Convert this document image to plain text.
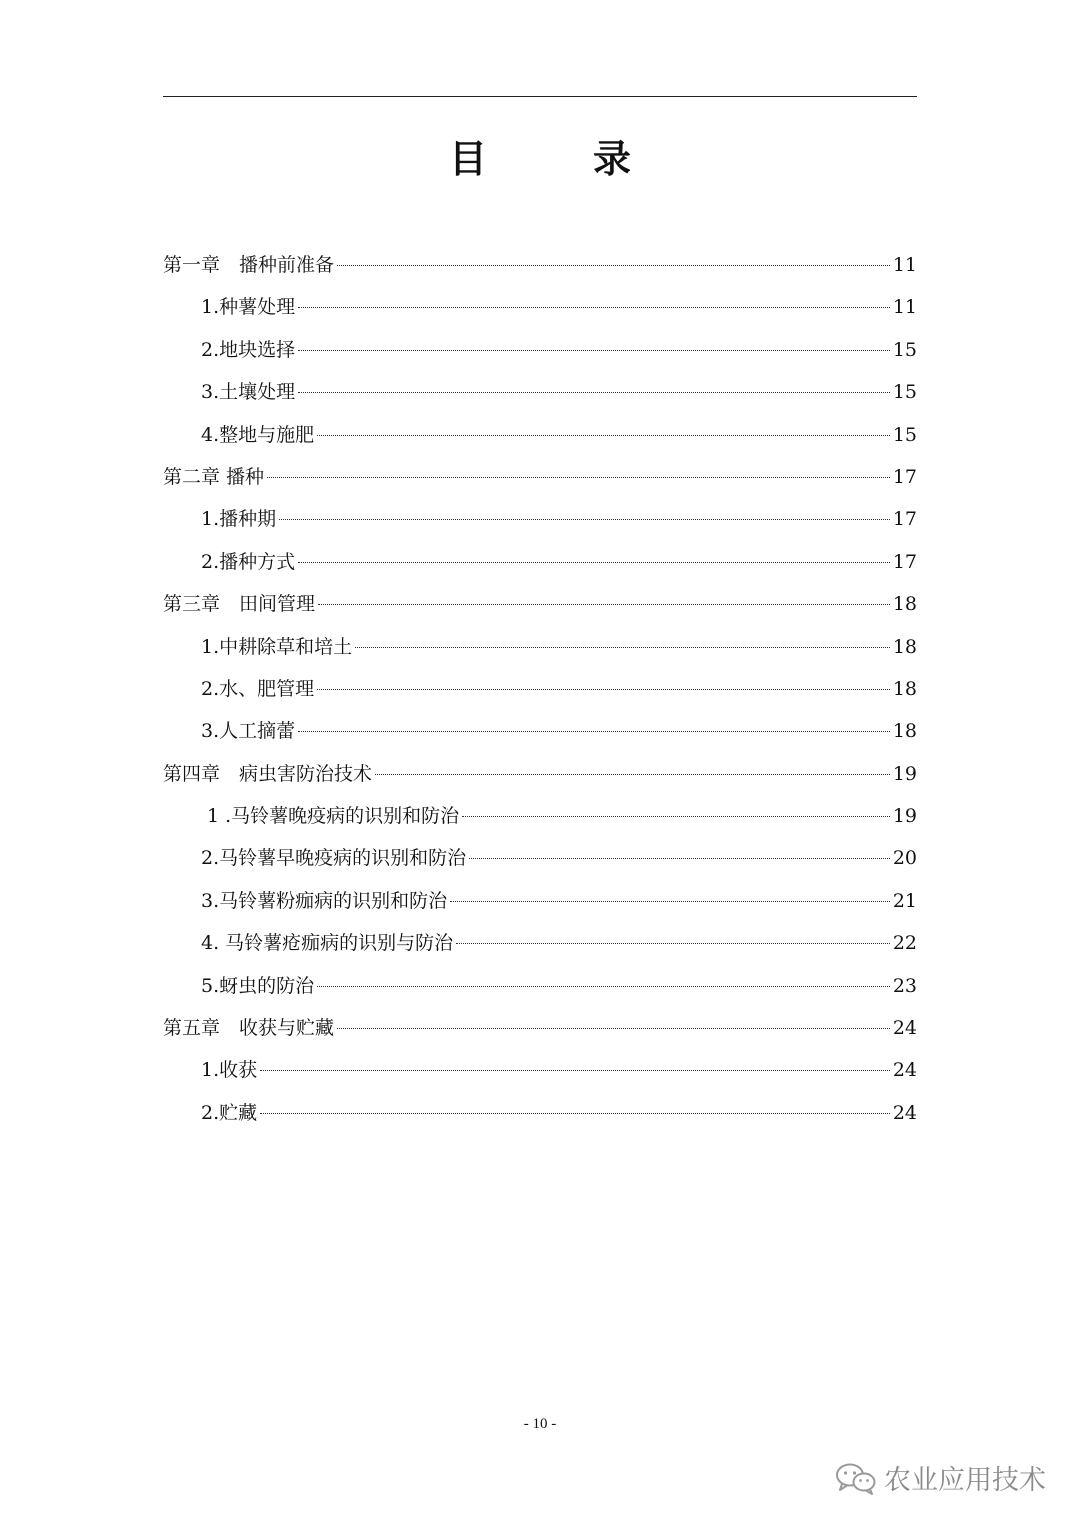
目　录
第一章　播种前准备	11
1.种薯处理	11
2.地块选择	15
3.土壤处理	15
4.整地与施肥	15
第二章 播种	17
1.播种期	17
2.播种方式	17
第三章　田间管理	18
1.中耕除草和培土	18
2.水、肥管理	18
3.人工摘蕾	18
第四章　病虫害防治技术	19
1 .马铃薯晚疫病的识别和防治	19
2.马铃薯早晚疫病的识别和防治	20
3.马铃薯粉痂病的识别和防治	21
4. 马铃薯疮痂病的识别与防治	22
5.蚜虫的防治	23
第五章　收获与贮藏	24
1.收获	24
2.贮藏	24
- 10 -
农业应用技术
